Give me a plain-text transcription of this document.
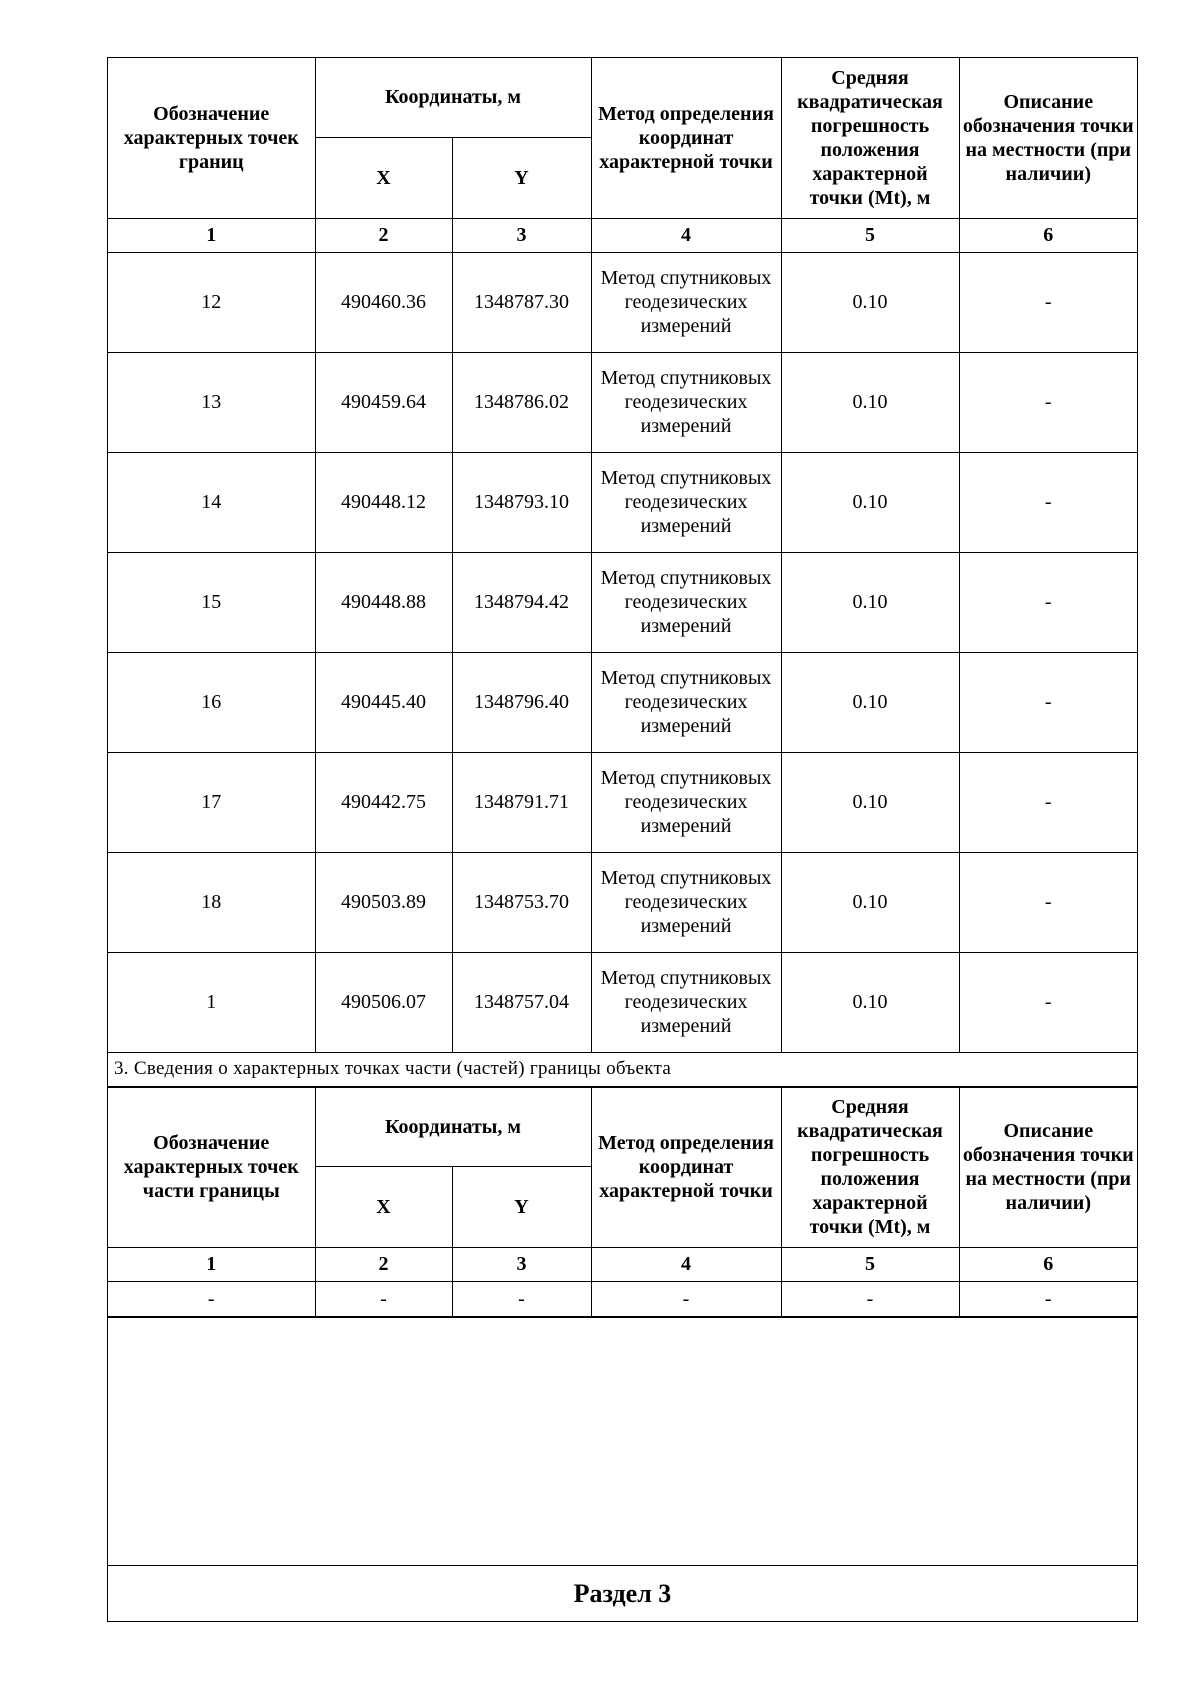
Обозначение характерных точек границ	Координаты, м		Метод определения координат характерной точки	Средняя квадратическая погрешность положения характерной точки (Mt), м	Описание обозначения точки на местности (при наличии)
	X	Y			
1	2	3	4	5	6
12	490460.36	1348787.30	Метод спутниковых геодезических измерений	0.10	-
13	490459.64	1348786.02	Метод спутниковых геодезических измерений	0.10	-
14	490448.12	1348793.10	Метод спутниковых геодезических измерений	0.10	-
15	490448.88	1348794.42	Метод спутниковых геодезических измерений	0.10	-
16	490445.40	1348796.40	Метод спутниковых геодезических измерений	0.10	-
17	490442.75	1348791.71	Метод спутниковых геодезических измерений	0.10	-
18	490503.89	1348753.70	Метод спутниковых геодезических измерений	0.10	-
1	490506.07	1348757.04	Метод спутниковых геодезических измерений	0.10	-
3. Сведения о характерных точках части (частей) границы объекта					
Обозначение характерных точек части границы	Координаты, м		Метод определения координат характерной точки	Средняя квадратическая погрешность положения характерной точки (Mt), м	Описание обозначения точки на местности (при наличии)
	X	Y			
1	2	3	4	5	6
-	-	-	-	-	-
Раздел 3
